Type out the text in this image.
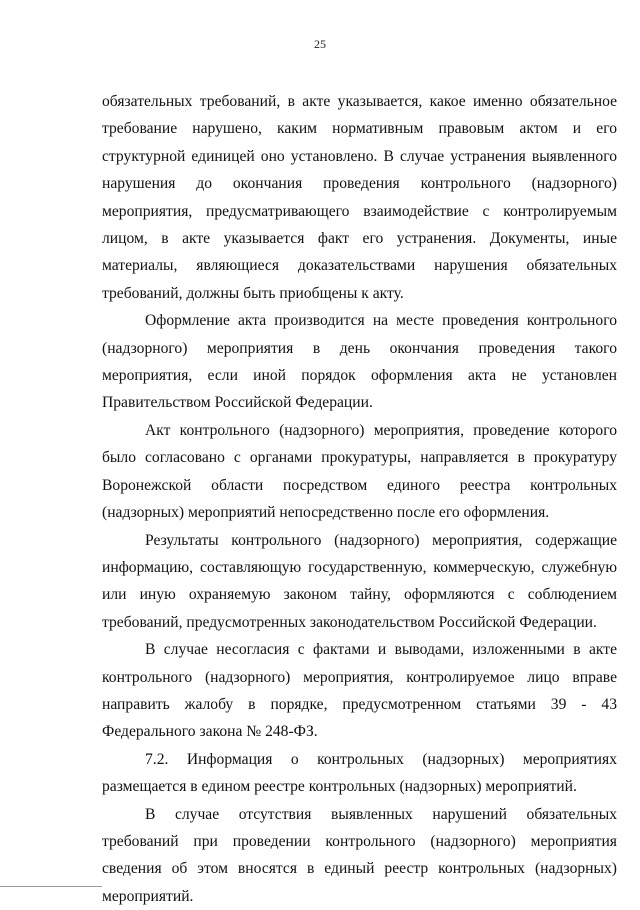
25

обязательных требований, в акте указывается, какое именно обязательное требование нарушено, каким нормативным правовым актом и его структурной единицей оно установлено. В случае устранения выявленного нарушения до окончания проведения контрольного (надзорного) мероприятия, предусматривающего взаимодействие с контролируемым лицом, в акте указывается факт его устранения. Документы, иные материалы, являющиеся доказательствами нарушения обязательных требований, должны быть приобщены к акту.

Оформление акта производится на месте проведения контрольного (надзорного) мероприятия в день окончания проведения такого мероприятия, если иной порядок оформления акта не установлен Правительством Российской Федерации.

Акт контрольного (надзорного) мероприятия, проведение которого было согласовано с органами прокуратуры, направляется в прокуратуру Воронежской области посредством единого реестра контрольных (надзорных) мероприятий непосредственно после его оформления.

Результаты контрольного (надзорного) мероприятия, содержащие информацию, составляющую государственную, коммерческую, служебную или иную охраняемую законом тайну, оформляются с соблюдением требований, предусмотренных законодательством Российской Федерации.

В случае несогласия с фактами и выводами, изложенными в акте контрольного (надзорного) мероприятия, контролируемое лицо вправе направить жалобу в порядке, предусмотренном статьями 39 - 43 Федерального закона № 248-ФЗ.

7.2. Информация о контрольных (надзорных) мероприятиях размещается в едином реестре контрольных (надзорных) мероприятий.

В случае отсутствия выявленных нарушений обязательных требований при проведении контрольного (надзорного) мероприятия сведения об этом вносятся в единый реестр контрольных (надзорных) мероприятий.
